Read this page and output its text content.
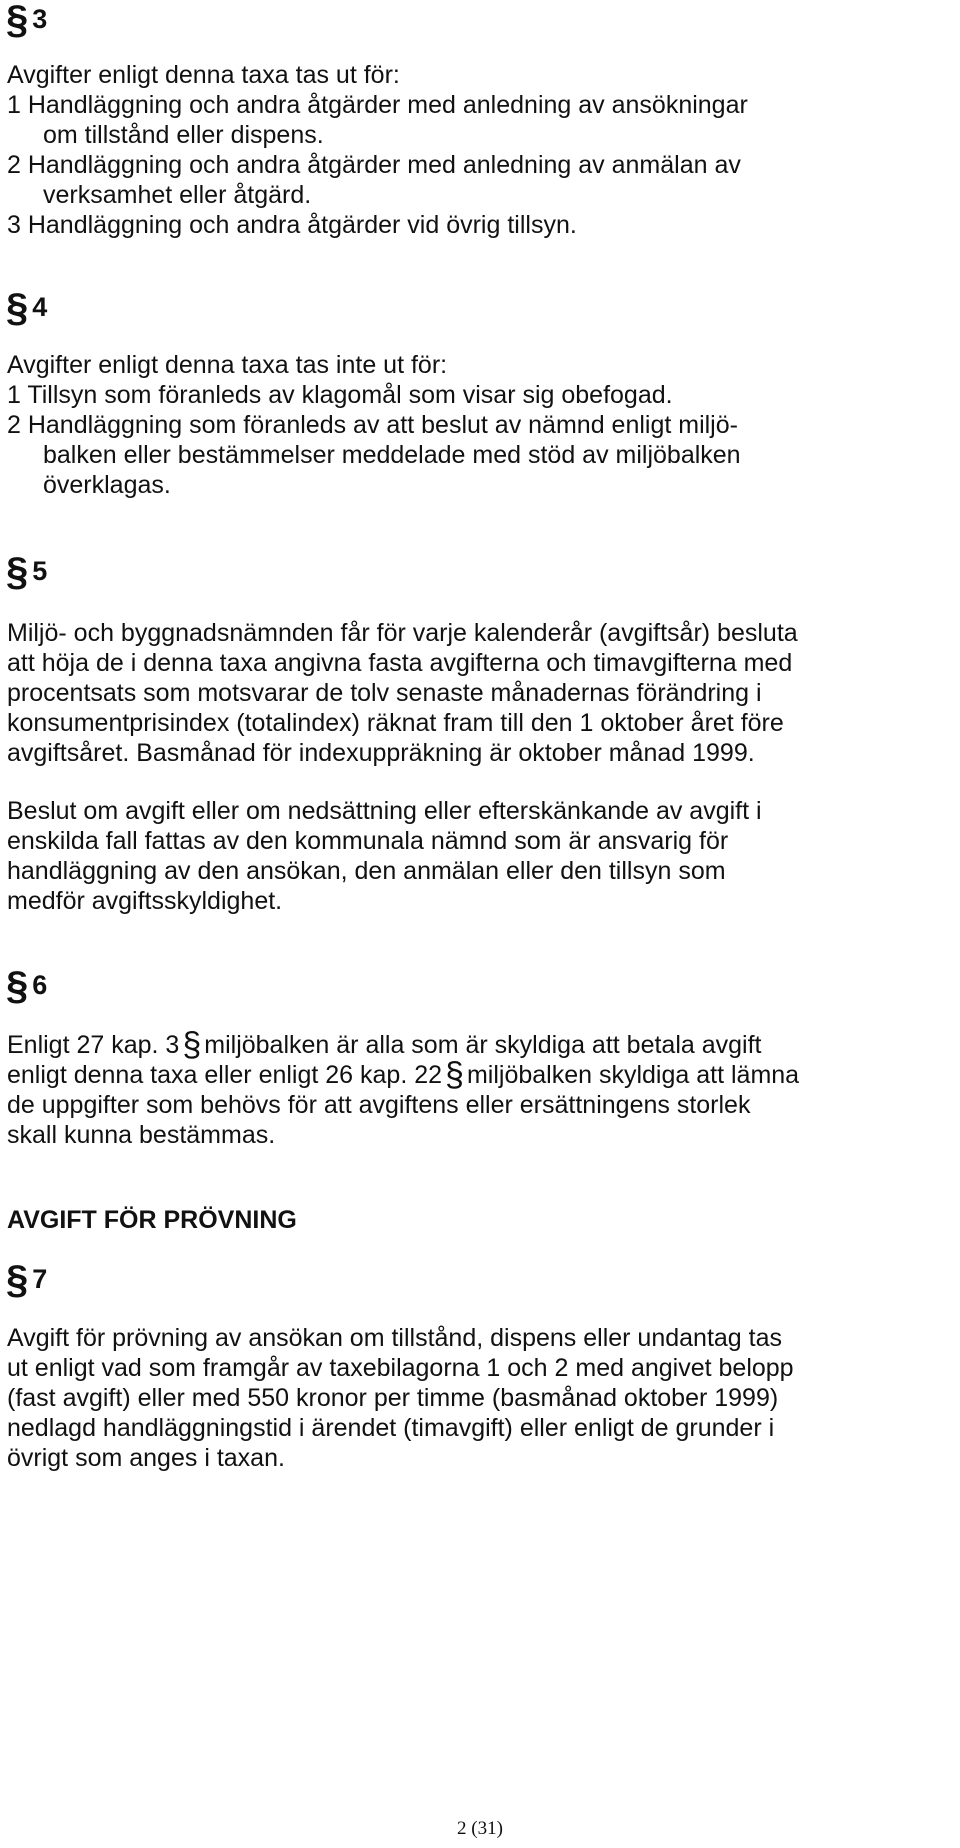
§ 3
Avgifter enligt denna taxa tas ut för:
1 Handläggning och andra åtgärder med anledning av ansökningar
om tillstånd eller dispens.
2 Handläggning och andra åtgärder med anledning av anmälan av
verksamhet eller åtgärd.
3 Handläggning och andra åtgärder vid övrig tillsyn.
§ 4
Avgifter enligt denna taxa tas inte ut för:
1 Tillsyn som föranleds av klagomål som visar sig obefogad.
2 Handläggning som föranleds av att beslut av nämnd enligt miljö-
balken eller bestämmelser meddelade med stöd av miljöbalken
överklagas.
§ 5
Miljö- och byggnadsnämnden får för varje kalenderår (avgiftsår) besluta
att höja de i denna taxa angivna fasta avgifterna och timavgifterna med
procentsats som motsvarar de tolv senaste månadernas förändring i
konsumentprisindex (totalindex) räknat fram till den 1 oktober året före
avgiftsåret. Basmånad för indexuppräkning är oktober månad 1999.
Beslut om avgift eller om nedsättning eller efterskänkande av avgift i
enskilda fall fattas av den kommunala nämnd som är ansvarig för
handläggning av den ansökan, den anmälan eller den tillsyn som
medför avgiftsskyldighet.
§ 6
Enligt 27 kap. 3§ miljöbalken är alla som är skyldiga att betala avgift
enligt denna taxa eller enligt 26 kap. 22§ miljöbalken skyldiga att lämna
de uppgifter som behövs för att avgiftens eller ersättningens storlek
skall kunna bestämmas.
AVGIFT FÖR PRÖVNING
§ 7
Avgift för prövning av ansökan om tillstånd, dispens eller undantag tas
ut enligt vad som framgår av taxebilagorna 1 och 2 med angivet belopp
(fast avgift) eller med 550 kronor per timme (basmånad oktober 1999)
nedlagd handläggningstid i ärendet (timavgift) eller enligt de grunder i
övrigt som anges i taxan.
2 (31)
